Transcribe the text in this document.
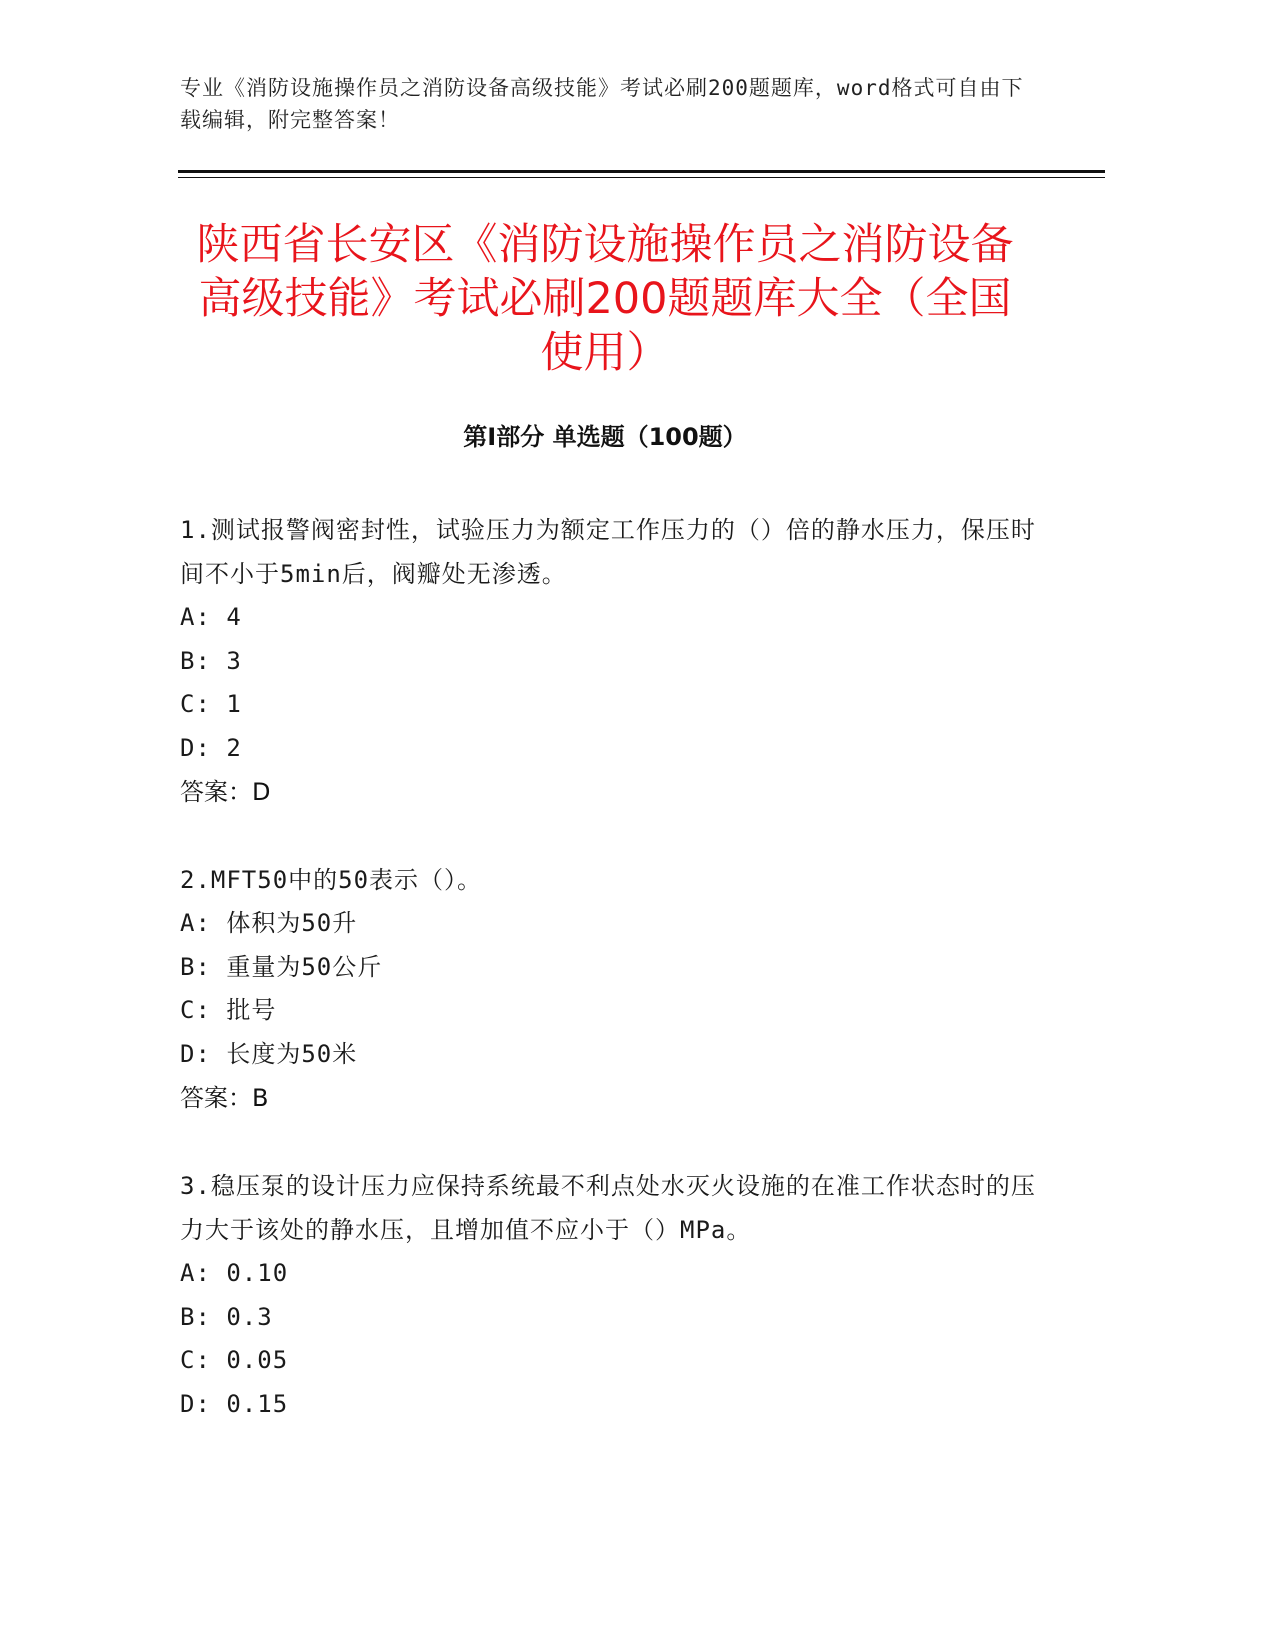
专业《消防设施操作员之消防设备高级技能》考试必刷200题题库，word格式可自由下载编辑，附完整答案！
陕西省长安区《消防设施操作员之消防设备高级技能》考试必刷200题题库大全（全国使用）
第I部分 单选题（100题）

1.测试报警阀密封性，试验压力为额定工作压力的（）倍的静水压力，保压时间不小于5min后，阀瓣处无渗透。

A: 4

B: 3

C: 1

D: 2

答案：D

2.MFT50中的50表示（）。

A: 体积为50升

B: 重量为50公斤

C: 批号

D: 长度为50米

答案：B

3.稳压泵的设计压力应保持系统最不利点处水灭火设施的在准工作状态时的压力大于该处的静水压，且增加值不应小于（）MPa。

A: 0.10

B: 0.3

C: 0.05

D: 0.15
